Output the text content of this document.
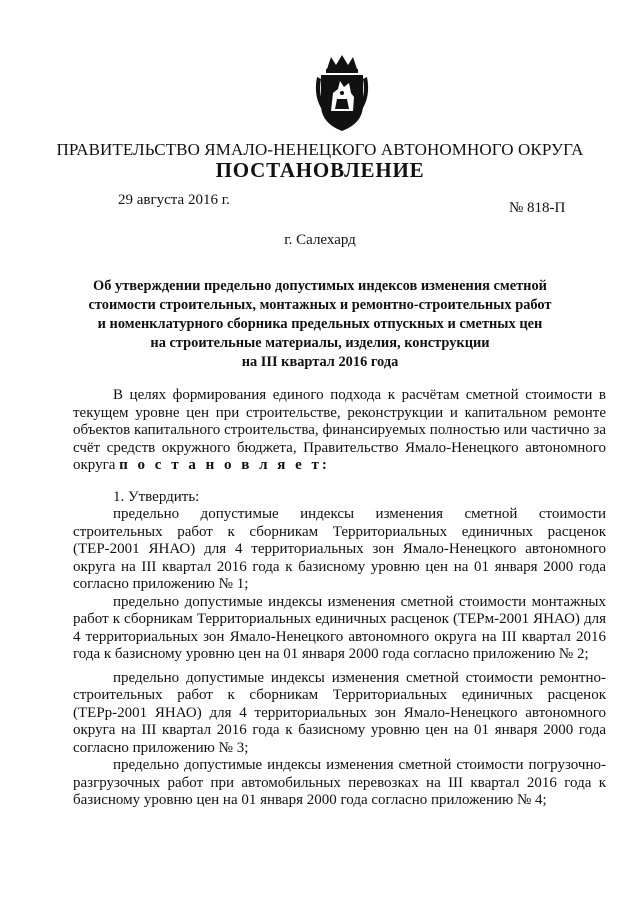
ПРАВИТЕЛЬСТВО ЯМАЛО-НЕНЕЦКОГО АВТОНОМНОГО ОКРУГА
ПОСТАНОВЛЕНИЕ
29 августа 2016 г.	№ 818-П
г. Салехард
Об утверждении предельно допустимых индексов изменения сметной
стоимости строительных, монтажных и ремонтно-строительных работ
и номенклатурного сборника предельных отпускных и сметных цен
на строительные материалы, изделия, конструкции
на III квартал 2016 года

В целях формирования единого подхода к расчётам сметной стоимости в текущем уровне цен при строительстве, реконструкции и капитальном ремонте объектов капитального строительства, финансируемых полностью или частично за счёт средств окружного бюджета, Правительство Ямало-Ненецкого автономного округа п о с т а н о в л я е т:

1. Утвердить:

предельно допустимые индексы изменения сметной стоимости строительных работ к сборникам Территориальных единичных расценок (ТЕР-2001 ЯНАО) для 4 территориальных зон Ямало-Ненецкого автономного округа на III квартал 2016 года к базисному уровню цен на 01 января 2000 года согласно приложению № 1;

предельно допустимые индексы изменения сметной стоимости монтажных работ к сборникам Территориальных единичных расценок (ТЕРм-2001 ЯНАО) для 4 территориальных зон Ямало-Ненецкого автономного округа на III квартал 2016 года к базисному уровню цен на 01 января 2000 года согласно приложению № 2;

предельно допустимые индексы изменения сметной стоимости ремонтно-строительных работ к сборникам Территориальных единичных расценок (ТЕРр-2001 ЯНАО) для 4 территориальных зон Ямало-Ненецкого автономного округа на III квартал 2016 года к базисному уровню цен на 01 января 2000 года согласно приложению № 3;

предельно допустимые индексы изменения сметной стоимости погрузочно-разгрузочных работ при автомобильных перевозках на III квартал 2016 года к базисному уровню цен на 01 января 2000 года согласно приложению № 4;
